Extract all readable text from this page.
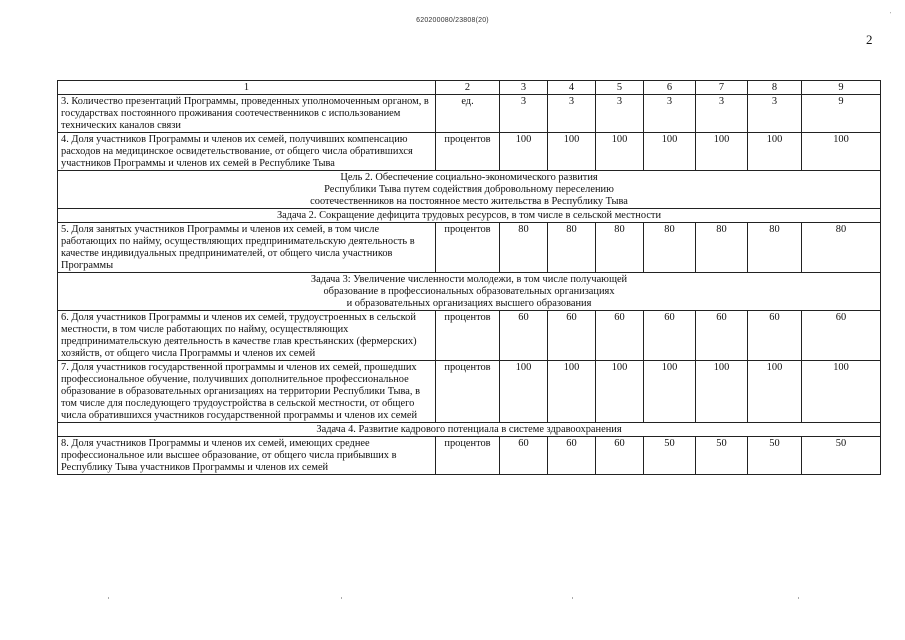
620200080/23808(20)
2
'
1	2	3	4	5	6	7	8	9
3. Количество презентаций Программы, проведенных уполномоченным органом, в государствах постоянного проживания соотечественников с использованием технических каналов связи	ед.	3	3	3	3	3	3	9
4. Доля участников Программы и членов их семей, получивших компенсацию расходов на медицинское освидетельствование, от общего числа обратившихся участников Программы и членов их семей в Республике Тыва	процентов	100	100	100	100	100	100	100

Цель 2. Обеспечение социально-экономического развития
Республики Тыва путем содействия добровольному переселению
соотечественников на постоянное место жительства в Республику Тыва								

Задача 2. Сокращение дефицита трудовых ресурсов, в том числе в сельской местности								

5. Доля занятых участников Программы и членов их семей, в том числе работающих по найму, осуществляющих предпринимательскую деятельность в качестве индивидуальных предпринимателей, от общего числа участников Программы	процентов	80	80	80	80	80	80	80

Задача 3: Увеличение численности молодежи, в том числе получающей
образование в профессиональных образовательных организациях
и образовательных организациях высшего образования								

6. Доля участников Программы и членов их семей, трудоустроенных в сельской местности, в том числе работающих по найму, осуществляющих предпринимательскую деятельность в качестве глав крестьянских (фермерских) хозяйств, от общего числа Программы и членов их семей	процентов	60	60	60	60	60	60	60
7. Доля участников государственной программы и членов их семей, прошедших профессиональное обучение, получивших дополнительное профессиональное образование в образовательных организациях на территории Республики Тыва, в том числе для последующего трудоустройства в сельской местности, от общего числа обратившихся участников государственной программы и членов их семей	процентов	100	100	100	100	100	100	100

Задача 4. Развитие кадрового потенциала в системе здравоохранения								

8. Доля участников Программы и членов их семей, имеющих среднее профессиональное или высшее образование, от общего числа прибывших в Республику Тыва участников Программы и членов их семей	процентов	60	60	60	50	50	50	50
